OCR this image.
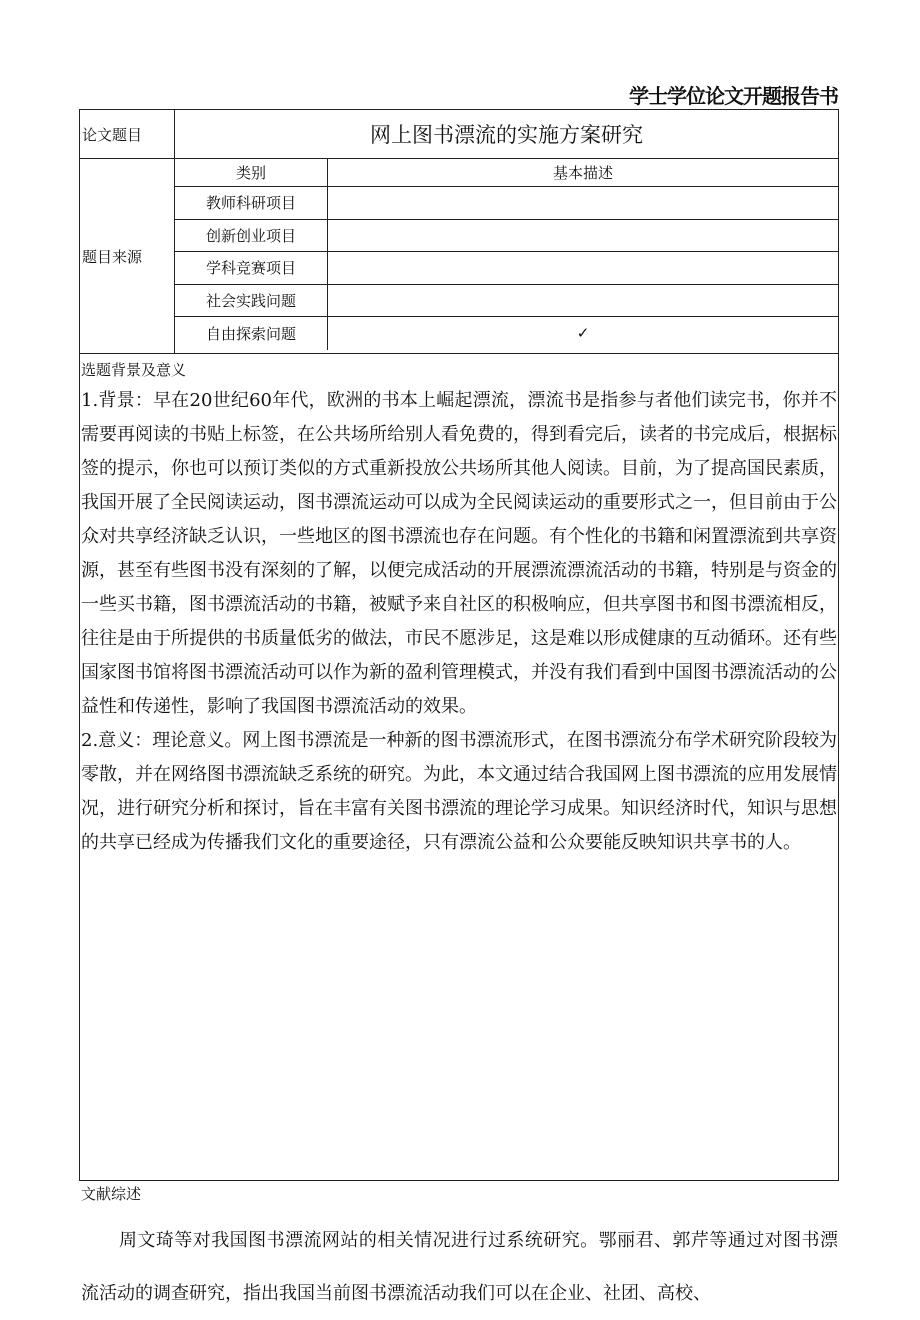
学士学位论文开题报告书
论文题目	网上图书漂流的实施方案研究
题目来源
类别	基本描述
教师科研项目
创新创业项目
学科竞赛项目
社会实践问题
自由探索问题	✓
选题背景及意义

1.背景：早在20世纪60年代，欧洲的书本上崛起漂流，漂流书是指参与者他们读完书，你并不需要再阅读的书贴上标签，在公共场所给别人看免费的，得到看完后，读者的书完成后，根据标签的提示，你也可以预订类似的方式重新投放公共场所其他人阅读。目前，为了提高国民素质，我国开展了全民阅读运动，图书漂流运动可以成为全民阅读运动的重要形式之一，但目前由于公众对共享经济缺乏认识，一些地区的图书漂流也存在问题。有个性化的书籍和闲置漂流到共享资源，甚至有些图书没有深刻的了解，以便完成活动的开展漂流漂流活动的书籍，特别是与资金的一些买书籍，图书漂流活动的书籍，被赋予来自社区的积极响应，但共享图书和图书漂流相反，往往是由于所提供的书质量低劣的做法，市民不愿涉足，这是难以形成健康的互动循环。还有些国家图书馆将图书漂流活动可以作为新的盈利管理模式，并没有我们看到中国图书漂流活动的公益性和传递性，影响了我国图书漂流活动的效果。

2.意义：理论意义。网上图书漂流是一种新的图书漂流形式，在图书漂流分布学术研究阶段较为零散，并在网络图书漂流缺乏系统的研究。为此，本文通过结合我国网上图书漂流的应用发展情况，进行研究分析和探讨，旨在丰富有关图书漂流的理论学习成果。知识经济时代，知识与思想的共享已经成为传播我们文化的重要途径，只有漂流公益和公众要能反映知识共享书的人。

文献综述

周文琦等对我国图书漂流网站的相关情况进行过系统研究。鄂丽君、郭芹等通过对图书漂流活动的调查研究，指出我国当前图书漂流活动我们可以在企业、社团、高校、
